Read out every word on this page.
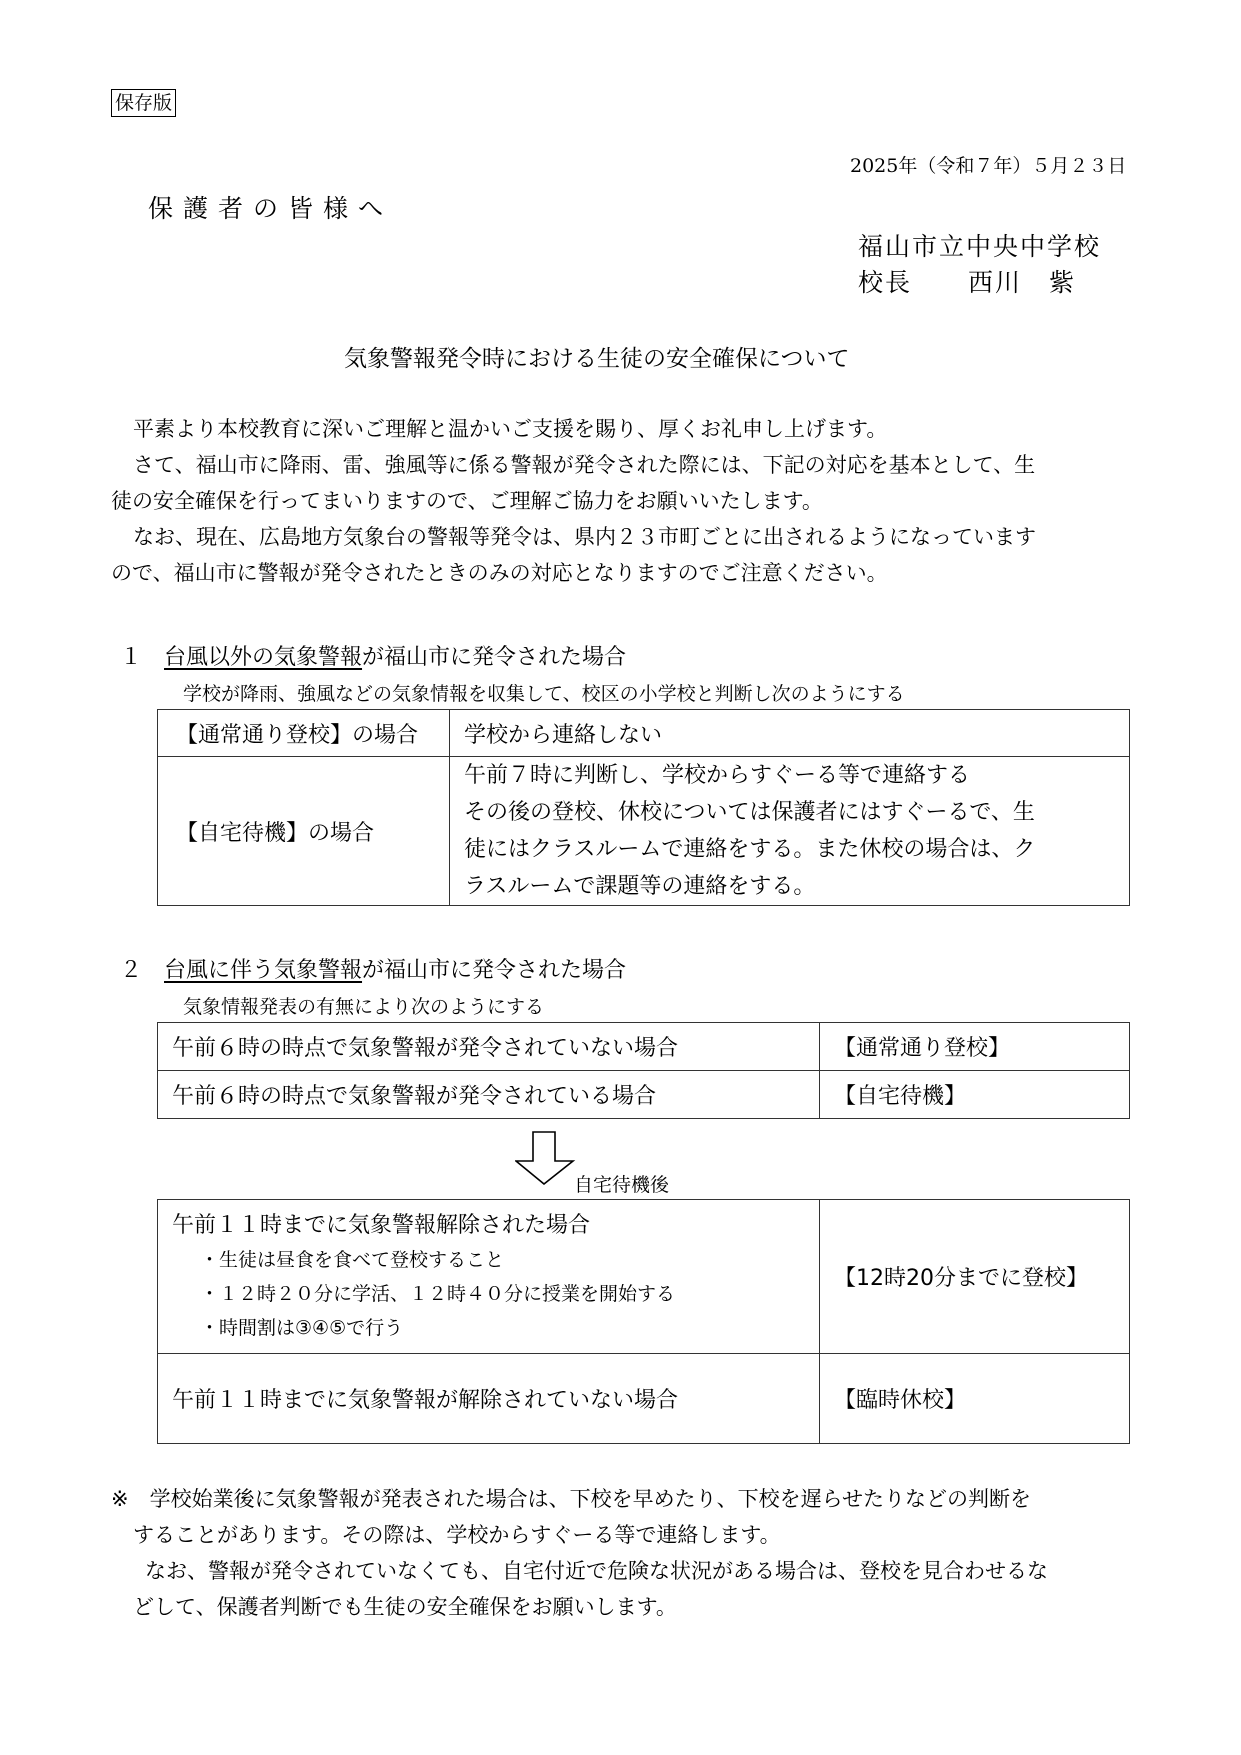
保存版
2025年（令和７年）５月２３日
保護者の皆様へ
福山市立中央中学校
校長 西川　紫
気象警報発令時における生徒の安全確保について
平素より本校教育に深いご理解と温かいご支援を賜り、厚くお礼申し上げます。
さて、福山市に降雨、雷、強風等に係る警報が発令された際には、下記の対応を基本として、生
徒の安全確保を行ってまいりますので、ご理解ご協力をお願いいたします。
なお、現在、広島地方気象台の警報等発令は、県内２３市町ごとに出されるようになっています
ので、福山市に警報が発令されたときのみの対応となりますのでご注意ください。
１ 台風以外の気象警報が福山市に発令された場合
学校が降雨、強風などの気象情報を収集して、校区の小学校と判断し次のようにする
【通常通り登校】の場合	学校から連絡しない
【自宅待機】の場合	午前７時に判断し、学校からすぐーる等で連絡する
その後の登校、休校については保護者にはすぐーるで、生
徒にはクラスルームで連絡をする。また休校の場合は、ク
ラスルームで課題等の連絡をする。
２ 台風に伴う気象警報が福山市に発令された場合
気象情報発表の有無により次のようにする
午前６時の時点で気象警報が発令されていない場合	【通常通り登校】
午前６時の時点で気象警報が発令されている場合	【自宅待機】
自宅待機後
午前１１時までに気象警報解除された場合
・生徒は昼食を食べて登校すること
・１２時２０分に学活、１２時４０分に授業を開始する
・時間割は③④⑤で行う	【12時20分までに登校】
午前１１時までに気象警報が解除されていない場合	【臨時休校】
※　学校始業後に気象警報が発表された場合は、下校を早めたり、下校を遅らせたりなどの判断を
することがあります。その際は、学校からすぐーる等で連絡します。
なお、警報が発令されていなくても、自宅付近で危険な状況がある場合は、登校を見合わせるな
どして、保護者判断でも生徒の安全確保をお願いします。
